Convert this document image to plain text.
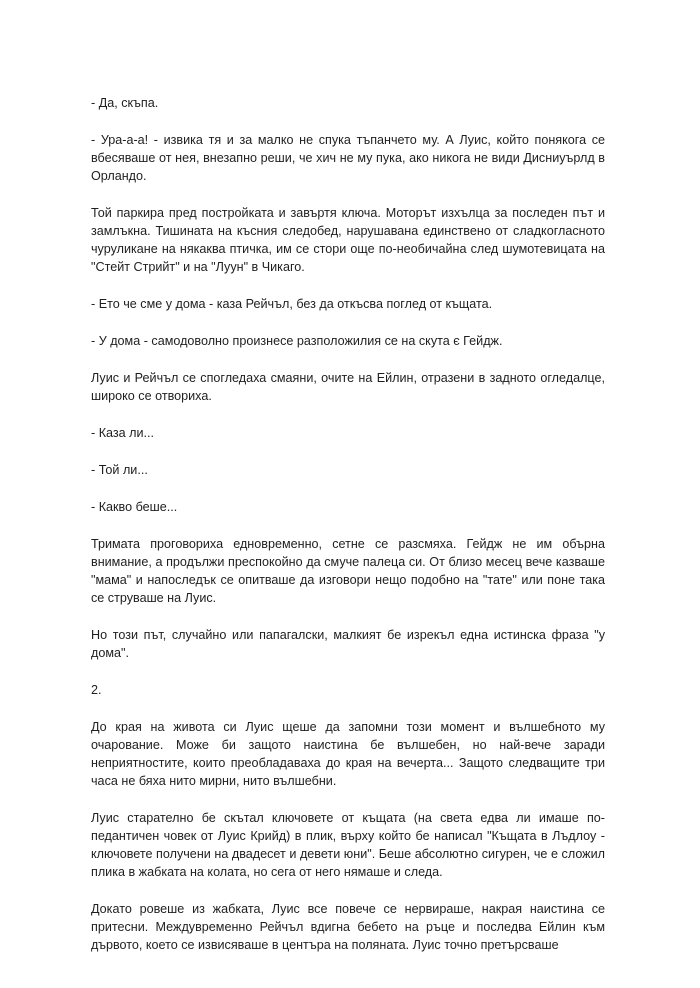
- Да, скъпа.

- Ура-а-а! - извика тя и за малко не спука тъпанчето му. А Луис, който понякога се вбесяваше от нея, внезапно реши, че хич не му пука, ако никога не види Дисниуърлд в Орландо.

Той паркира пред постройката и завъртя ключа. Моторът изхълца за последен път и замлъкна. Тишината на късния следобед, нарушавана единствено от сладкогласното чуруликане на някаква птичка, им се стори още по-необичайна след шумотевицата на "Стейт Стрийт" и на "Луун" в Чикаго.

- Ето че сме у дома - каза Рейчъл, без да откъсва поглед от къщата.

- У дома - самодоволно произнесе разположилия се на скута є Гейдж.

Луис и Рейчъл се спогледаха смаяни, очите на Ейлин, отразени в задното огледалце, широко се отвориха.

- Каза ли...

- Той ли...

- Какво беше...

Тримата проговориха едновременно, сетне се разсмяха. Гейдж не им обърна внимание, а продължи преспокойно да смуче палеца си. От близо месец вече казваше "мама" и напоследък се опитваше да изговори нещо подобно на "тате" или поне така се струваше на Луис.

Но този път, случайно или папагалски, малкият бе изрекъл една истинска фраза "у дома".

2.

До края на живота си Луис щеше да запомни този момент и вълшебното му очарование. Може би защото наистина бе вълшебен, но най-вече заради неприятностите, които преобладаваха до края на вечерта... Защото следващите три часа не бяха нито мирни, нито вълшебни.

Луис старателно бе скътал ключовете от къщата (на света едва ли имаше по-педантичен човек от Луис Крийд) в плик, върху който бе написал "Къщата в Лъдлоу - ключовете получени на двадесет и девети юни". Беше абсолютно сигурен, че е сложил плика в жабката на колата, но сега от него нямаше и следа.

Докато ровеше из жабката, Луис все повече се нервираше, накрая наистина се притесни. Междувременно Рейчъл вдигна бебето на ръце и последва Ейлин към дървото, което се извисяваше в центъра на поляната. Луис точно претърсваше
